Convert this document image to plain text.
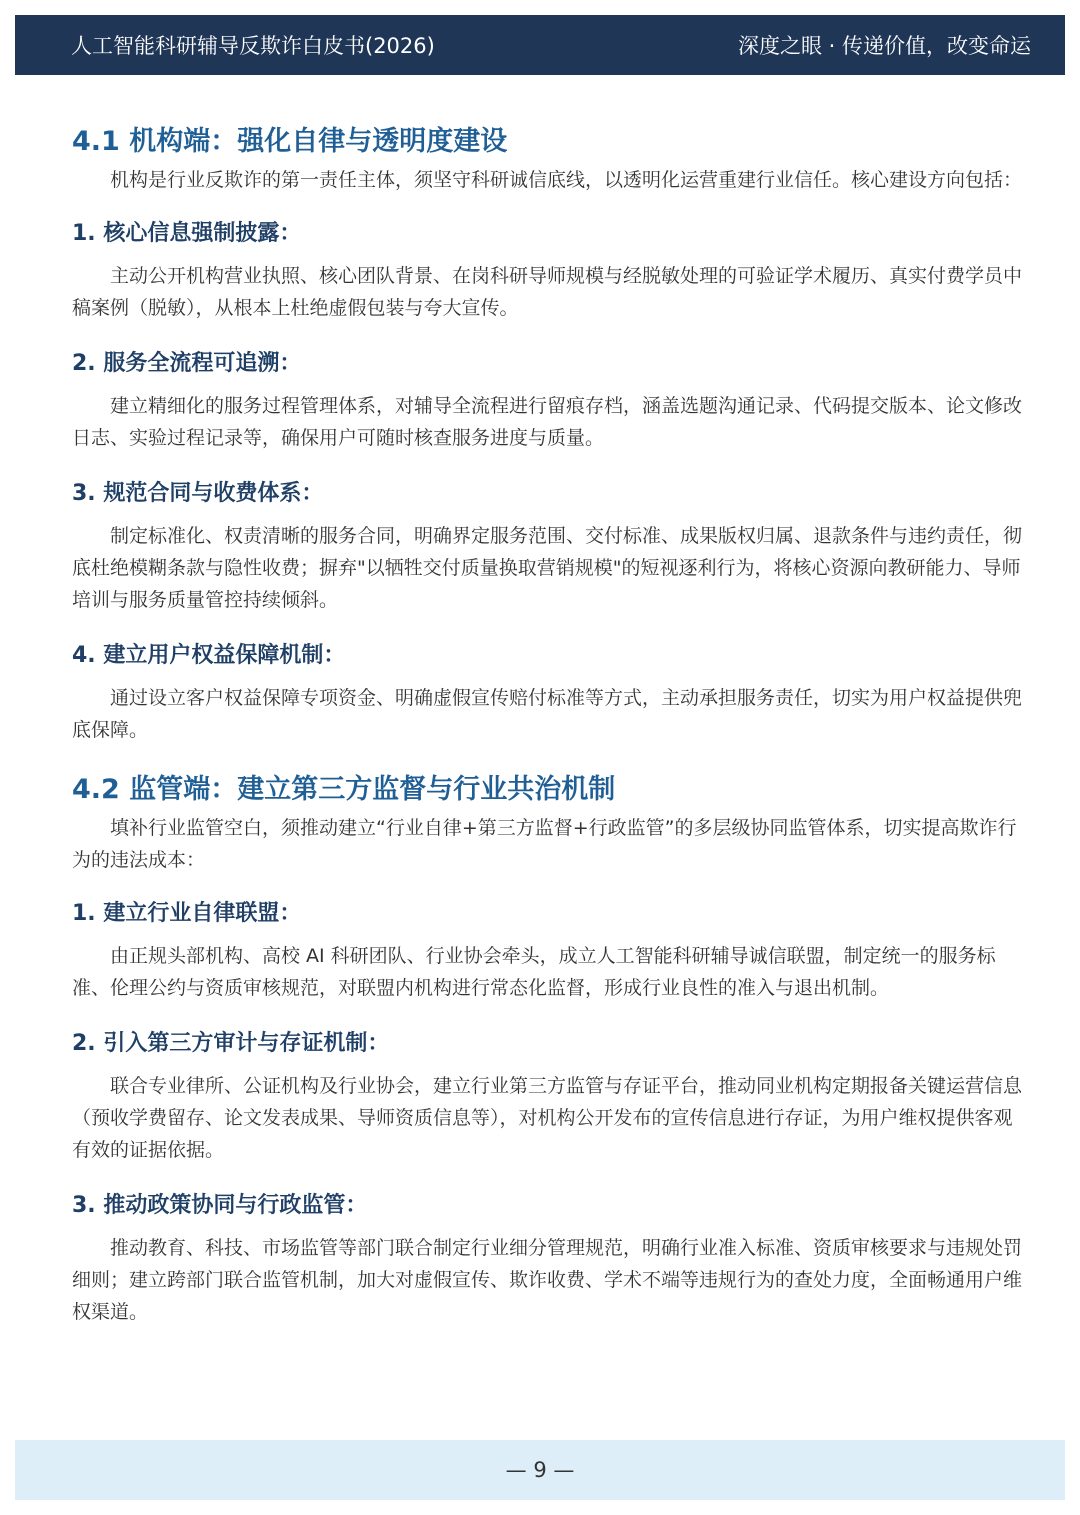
人工智能科研辅导反欺诈白皮书(2026)	深度之眼 · 传递价值，改变命运
4.1 机构端：强化自律与透明度建设

机构是行业反欺诈的第一责任主体，须坚守科研诚信底线，以透明化运营重建行业信任。核心建设方向包括：

1. 核心信息强制披露：

主动公开机构营业执照、核心团队背景、在岗科研导师规模与经脱敏处理的可验证学术履历、真实付费学员中稿案例（脱敏），从根本上杜绝虚假包装与夸大宣传。

2. 服务全流程可追溯：

建立精细化的服务过程管理体系，对辅导全流程进行留痕存档，涵盖选题沟通记录、代码提交版本、论文修改日志、实验过程记录等，确保用户可随时核查服务进度与质量。

3. 规范合同与收费体系：

制定标准化、权责清晰的服务合同，明确界定服务范围、交付标准、成果版权归属、退款条件与违约责任，彻底杜绝模糊条款与隐性收费；摒弃"以牺牲交付质量换取营销规模"的短视逐利行为，将核心资源向教研能力、导师培训与服务质量管控持续倾斜。

4. 建立用户权益保障机制：

通过设立客户权益保障专项资金、明确虚假宣传赔付标准等方式，主动承担服务责任，切实为用户权益提供兜底保障。

4.2 监管端：建立第三方监督与行业共治机制

填补行业监管空白，须推动建立“行业自律+第三方监督+行政监管”的多层级协同监管体系，切实提高欺诈行为的违法成本：

1. 建立行业自律联盟：

由正规头部机构、高校 AI 科研团队、行业协会牵头，成立人工智能科研辅导诚信联盟，制定统一的服务标准、伦理公约与资质审核规范，对联盟内机构进行常态化监督，形成行业良性的准入与退出机制。

2. 引入第三方审计与存证机制：

联合专业律所、公证机构及行业协会，建立行业第三方监管与存证平台，推动同业机构定期报备关键运营信息（预收学费留存、论文发表成果、导师资质信息等），对机构公开发布的宣传信息进行存证，为用户维权提供客观有效的证据依据。

3. 推动政策协同与行政监管：

推动教育、科技、市场监管等部门联合制定行业细分管理规范，明确行业准入标准、资质审核要求与违规处罚细则；建立跨部门联合监管机制，加大对虚假宣传、欺诈收费、学术不端等违规行为的查处力度，全面畅通用户维权渠道。

— 9 —
